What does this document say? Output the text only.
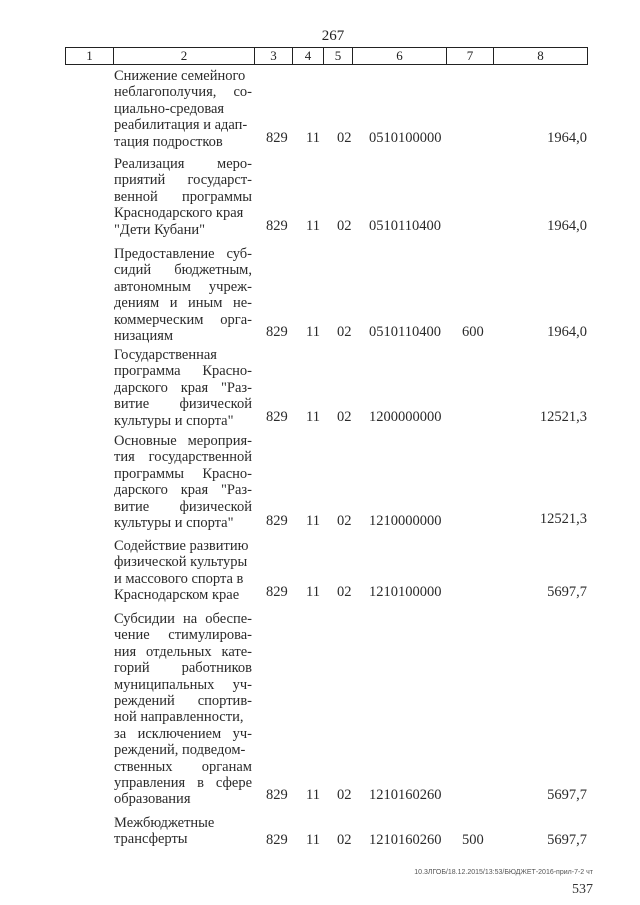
267
1	2	3	4	5	6	7	8
Снижение семейного
неблагополучия, со-
циально-средовая
реабилитация и адап-
тация подростков	829 11 02 0510100000	1964,0
Реализация меро-
приятий государст-
венной программы
Краснодарского края
"Дети Кубани"	829 11 02 0510110400	1964,0
Предоставление суб-
сидий бюджетным,
автономным учреж-
дениям и иным не-
коммерческим орга-
низациям	829 11 02 0510110400 600	1964,0
Государственная
программа Красно-
дарского края "Раз-
витие физической
культуры и спорта"	829 11 02 1200000000	12521,3
Основные мероприя-
тия государственной
программы Красно-
дарского края "Раз-
витие физической
культуры и спорта"	829 11 02 1210000000	12521,3
Содействие развитию
физической культуры
и массового спорта в
Краснодарском крае	829 11 02 1210100000	5697,7
Субсидии на обеспе-
чение стимулирова-
ния отдельных кате-
горий работников
муниципальных уч-
реждений спортив-
ной направленности,
за исключением уч-
реждений, подведом-
ственных органам
управления в сфере
образования	829 11 02 1210160260	5697,7
Межбюджетные
трансферты	829 11 02 1210160260 500	5697,7
10.3ЛГОБ/18.12.2015/13:53/БЮДЖЕТ-2016-прил-7-2 чт
537
